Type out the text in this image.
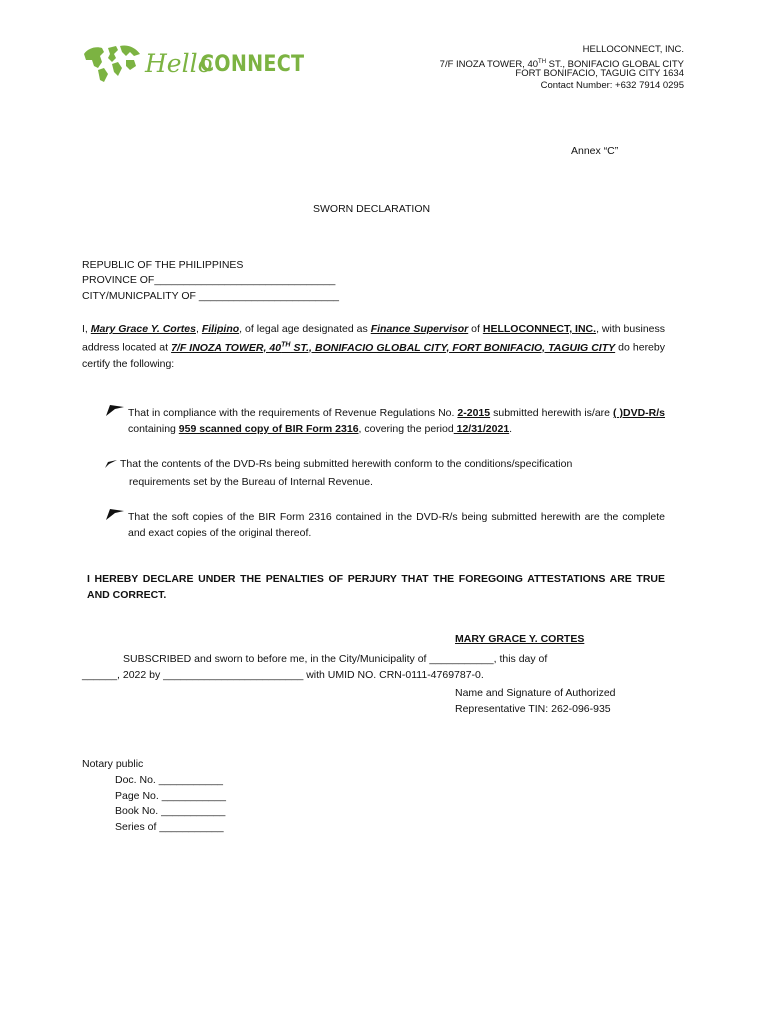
Hello
CONNECT
HELLOCONNECT, INC.
7/F INOZA TOWER, 40TH ST., BONIFACIO GLOBAL CITY
FORT BONIFACIO, TAGUIG CITY 1634
Contact Number: +632 7914 0295
Annex “C”
SWORN DECLARATION
REPUBLIC OF THE PHILIPPINES
PROVINCE OF_______________________________
CITY/MUNICPALITY OF ________________________
I, Mary Grace Y. Cortes, Filipino, of legal age designated as Finance Supervisor of HELLOCONNECT, INC., with business address located at 7/F INOZA TOWER, 40TH ST., BONIFACIO GLOBAL CITY, FORT BONIFACIO, TAGUIG CITY do hereby certify the following:
That in compliance with the requirements of Revenue Regulations No. 2-2015 submitted herewith is/are ( )DVD-R/s containing 959 scanned copy of BIR Form 2316, covering the period 12/31/2021.
That the contents of the DVD-Rs being submitted herewith conform to the conditions/specification
requirements set by the Bureau of Internal Revenue.
That the soft copies of the BIR Form 2316 contained in the DVD-R/s being submitted herewith are the complete and exact copies of the original thereof.
I HEREBY DECLARE UNDER THE PENALTIES OF PERJURY THAT THE FOREGOING ATTESTATIONS ARE TRUE AND CORRECT.
MARY GRACE Y. CORTES
SUBSCRIBED and sworn to before me, in the City/Municipality of ___________, this day of
______, 2022 by ________________________ with UMID NO. CRN-0111-4769787-0.
Name and Signature of Authorized
Representative TIN: 262-096-935
Notary public
Doc. No. ___________
Page No. ___________
Book No. ___________
Series of ___________
